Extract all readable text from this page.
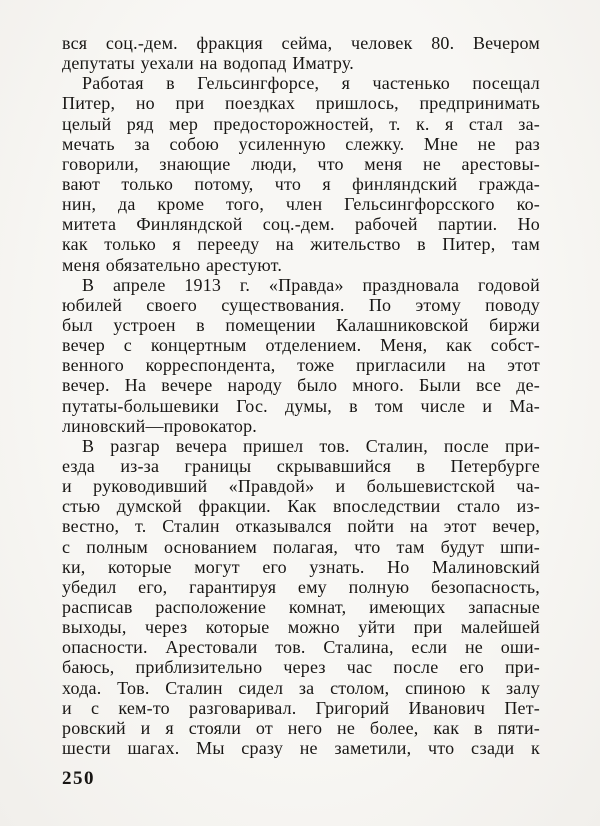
вся соц.-дем. фракция сейма, человек 80. Вечером
депутаты уехали на водопад Иматру.
Работая в Гельсингфорсе, я частенько посещал
Питер, но при поездках пришлось, предпринимать
целый ряд мер предосторожностей, т. к. я стал за-
мечать за собою усиленную слежку. Мне не раз
говорили, знающие люди, что меня не арестовы-
вают только потому, что я финляндский гражда-
нин, да кроме того, член Гельсингфорсского ко-
митета Финляндской соц.-дем. рабочей партии. Но
как только я перееду на жительство в Питер, там
меня обязательно арестуют.
В апреле 1913 г. «Правда» праздновала годовой
юбилей своего существования. По этому поводу
был устроен в помещении Калашниковской биржи
вечер с концертным отделением. Меня, как собст-
венного корреспондента, тоже пригласили на этот
вечер. На вечере народу было много. Были все де-
путаты-большевики Гос. думы, в том числе и Ма-
линовский—провокатор.
В разгар вечера пришел тов. Сталин, после при-
езда из-за границы скрывавшийся в Петербурге
и руководивший «Правдой» и большевистской ча-
стью думской фракции. Как впоследствии стало из-
вестно, т. Сталин отказывался пойти на этот вечер,
с полным основанием полагая, что там будут шпи-
ки, которые могут его узнать. Но Малиновский
убедил его, гарантируя ему полную безопасность,
расписав расположение комнат, имеющих запасные
выходы, через которые можно уйти при малейшей
опасности. Арестовали тов. Сталина, если не оши-
баюсь, приблизительно через час после его при-
хода. Тов. Сталин сидел за столом, спиною к залу
и с кем-то разговаривал. Григорий Иванович Пет-
ровский и я стояли от него не более, как в пяти-
шести шагах. Мы сразу не заметили, что сзади к
250
